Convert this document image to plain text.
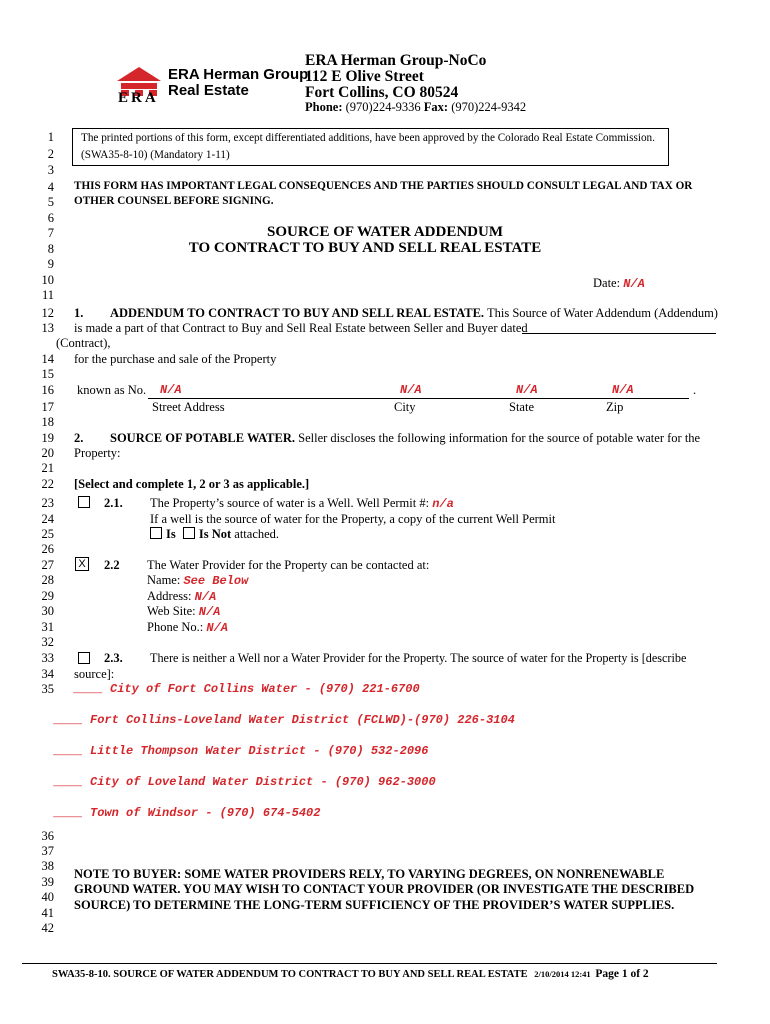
ERA
ERA Herman Group
Real Estate
ERA Herman Group-NoCo
112 E Olive Street
Fort Collins, CO 80524
Phone: (970)224-9336 Fax: (970)224-9342
The printed portions of this form, except differentiated additions, have been approved by the Colorado Real Estate Commission.
(SWA35-8-10) (Mandatory 1-11)
1
2
3
4
5
6
7
8
9
10
11
12
13
14
15
16
17
18
19
20
21
22
23
24
25
26
27
28
29
30
31
32
33
34
35
36
37
38
39
40
41
42
THIS FORM HAS IMPORTANT LEGAL CONSEQUENCES AND THE PARTIES SHOULD CONSULT LEGAL AND TAX OR
OTHER COUNSEL BEFORE SIGNING.
SOURCE OF WATER ADDENDUM
TO CONTRACT TO BUY AND SELL REAL ESTATE
Date: N/A
1. ADDENDUM TO CONTRACT TO BUY AND SELL REAL ESTATE. This Source of Water Addendum (Addendum)
is made a part of that Contract to Buy and Sell Real Estate between Seller and Buyer dated
(Contract),
for the purchase and sale of the Property
known as No. N/A	N/A	N/A	N/A	.
Street Address	City	State	Zip
2. SOURCE OF POTABLE WATER. Seller discloses the following information for the source of potable water for the
Property:
[Select and complete 1, 2 or 3 as applicable.]
2.1. The Property’s source of water is a Well. Well Permit #: n/a
If a well is the source of water for the Property, a copy of the current Well Permit
Is Is Not attached.
X 2.2 The Water Provider for the Property can be contacted at:
Name: See Below
Address: N/A
Web Site: N/A
Phone No.: N/A
2.3. There is neither a Well nor a Water Provider for the Property. The source of water for the Property is [describe
source]:
____ City of Fort Collins Water - (970) 221-6700
____ Fort Collins-Loveland Water District (FCLWD)-(970) 226-3104
____ Little Thompson Water District - (970) 532-2096
____ City of Loveland Water District - (970) 962-3000
____ Town of Windsor - (970) 674-5402
NOTE TO BUYER: SOME WATER PROVIDERS RELY, TO VARYING DEGREES, ON NONRENEWABLE
GROUND WATER. YOU MAY WISH TO CONTACT YOUR PROVIDER (OR INVESTIGATE THE DESCRIBED
SOURCE) TO DETERMINE THE LONG-TERM SUFFICIENCY OF THE PROVIDER’S WATER SUPPLIES.
SWA35-8-10. SOURCE OF WATER ADDENDUM TO CONTRACT TO BUY AND SELL REAL ESTATE 2/10/2014 12:41 Page 1 of 2
